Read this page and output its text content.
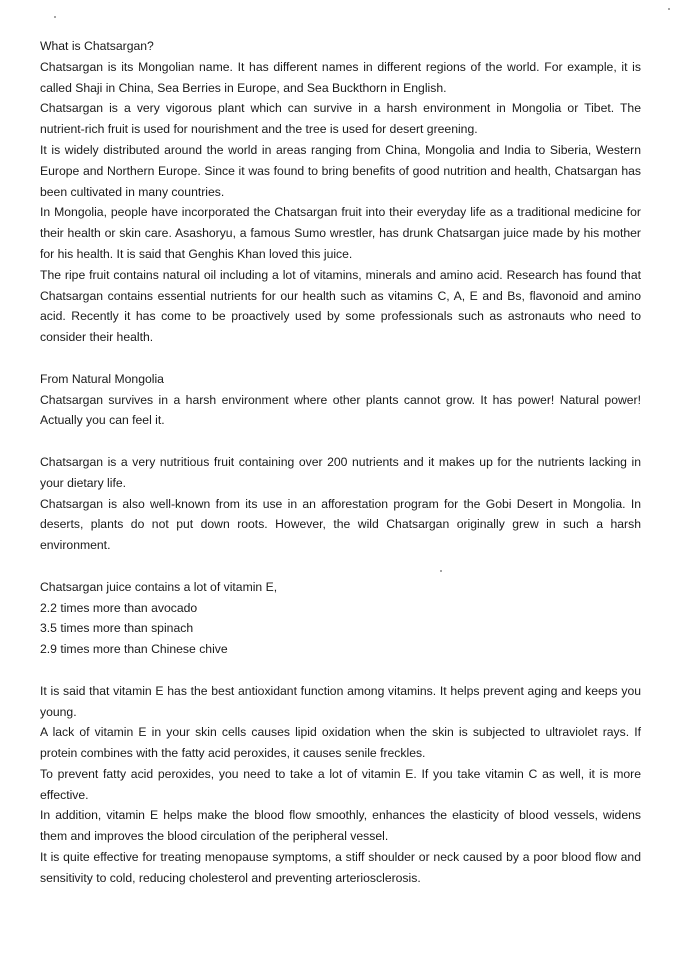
What is Chatsargan?

Chatsargan is its Mongolian name. It has different names in different regions of the world. For example, it is called Shaji in China, Sea Berries in Europe, and Sea Buckthorn in English.

Chatsargan is a very vigorous plant which can survive in a harsh environment in Mongolia or Tibet. The nutrient-rich fruit is used for nourishment and the tree is used for desert greening.

It is widely distributed around the world in areas ranging from China, Mongolia and India to Siberia, Western Europe and Northern Europe. Since it was found to bring benefits of good nutrition and health, Chatsargan has been cultivated in many countries.

In Mongolia, people have incorporated the Chatsargan fruit into their everyday life as a traditional medicine for their health or skin care. Asashoryu, a famous Sumo wrestler, has drunk Chatsargan juice made by his mother for his health. It is said that Genghis Khan loved this juice.

The ripe fruit contains natural oil including a lot of vitamins, minerals and amino acid. Research has found that Chatsargan contains essential nutrients for our health such as vitamins C, A, E and Bs, flavonoid and amino acid. Recently it has come to be proactively used by some professionals such as astronauts who need to consider their health.

From Natural Mongolia

Chatsargan survives in a harsh environment where other plants cannot grow. It has power! Natural power! Actually you can feel it.

Chatsargan is a very nutritious fruit containing over 200 nutrients and it makes up for the nutrients lacking in your dietary life.

Chatsargan is also well-known from its use in an afforestation program for the Gobi Desert in Mongolia. In deserts, plants do not put down roots. However, the wild Chatsargan originally grew in such a harsh environment.

Chatsargan juice contains a lot of vitamin E,

2.2 times more than avocado

3.5 times more than spinach

2.9 times more than Chinese chive

It is said that vitamin E has the best antioxidant function among vitamins. It helps prevent aging and keeps you young.

A lack of vitamin E in your skin cells causes lipid oxidation when the skin is subjected to ultraviolet rays. If protein combines with the fatty acid peroxides, it causes senile freckles.

To prevent fatty acid peroxides, you need to take a lot of vitamin E. If you take vitamin C as well, it is more effective.

In addition, vitamin E helps make the blood flow smoothly, enhances the elasticity of blood vessels, widens them and improves the blood circulation of the peripheral vessel.

It is quite effective for treating menopause symptoms, a stiff shoulder or neck caused by a poor blood flow and sensitivity to cold, reducing cholesterol and preventing arteriosclerosis.
